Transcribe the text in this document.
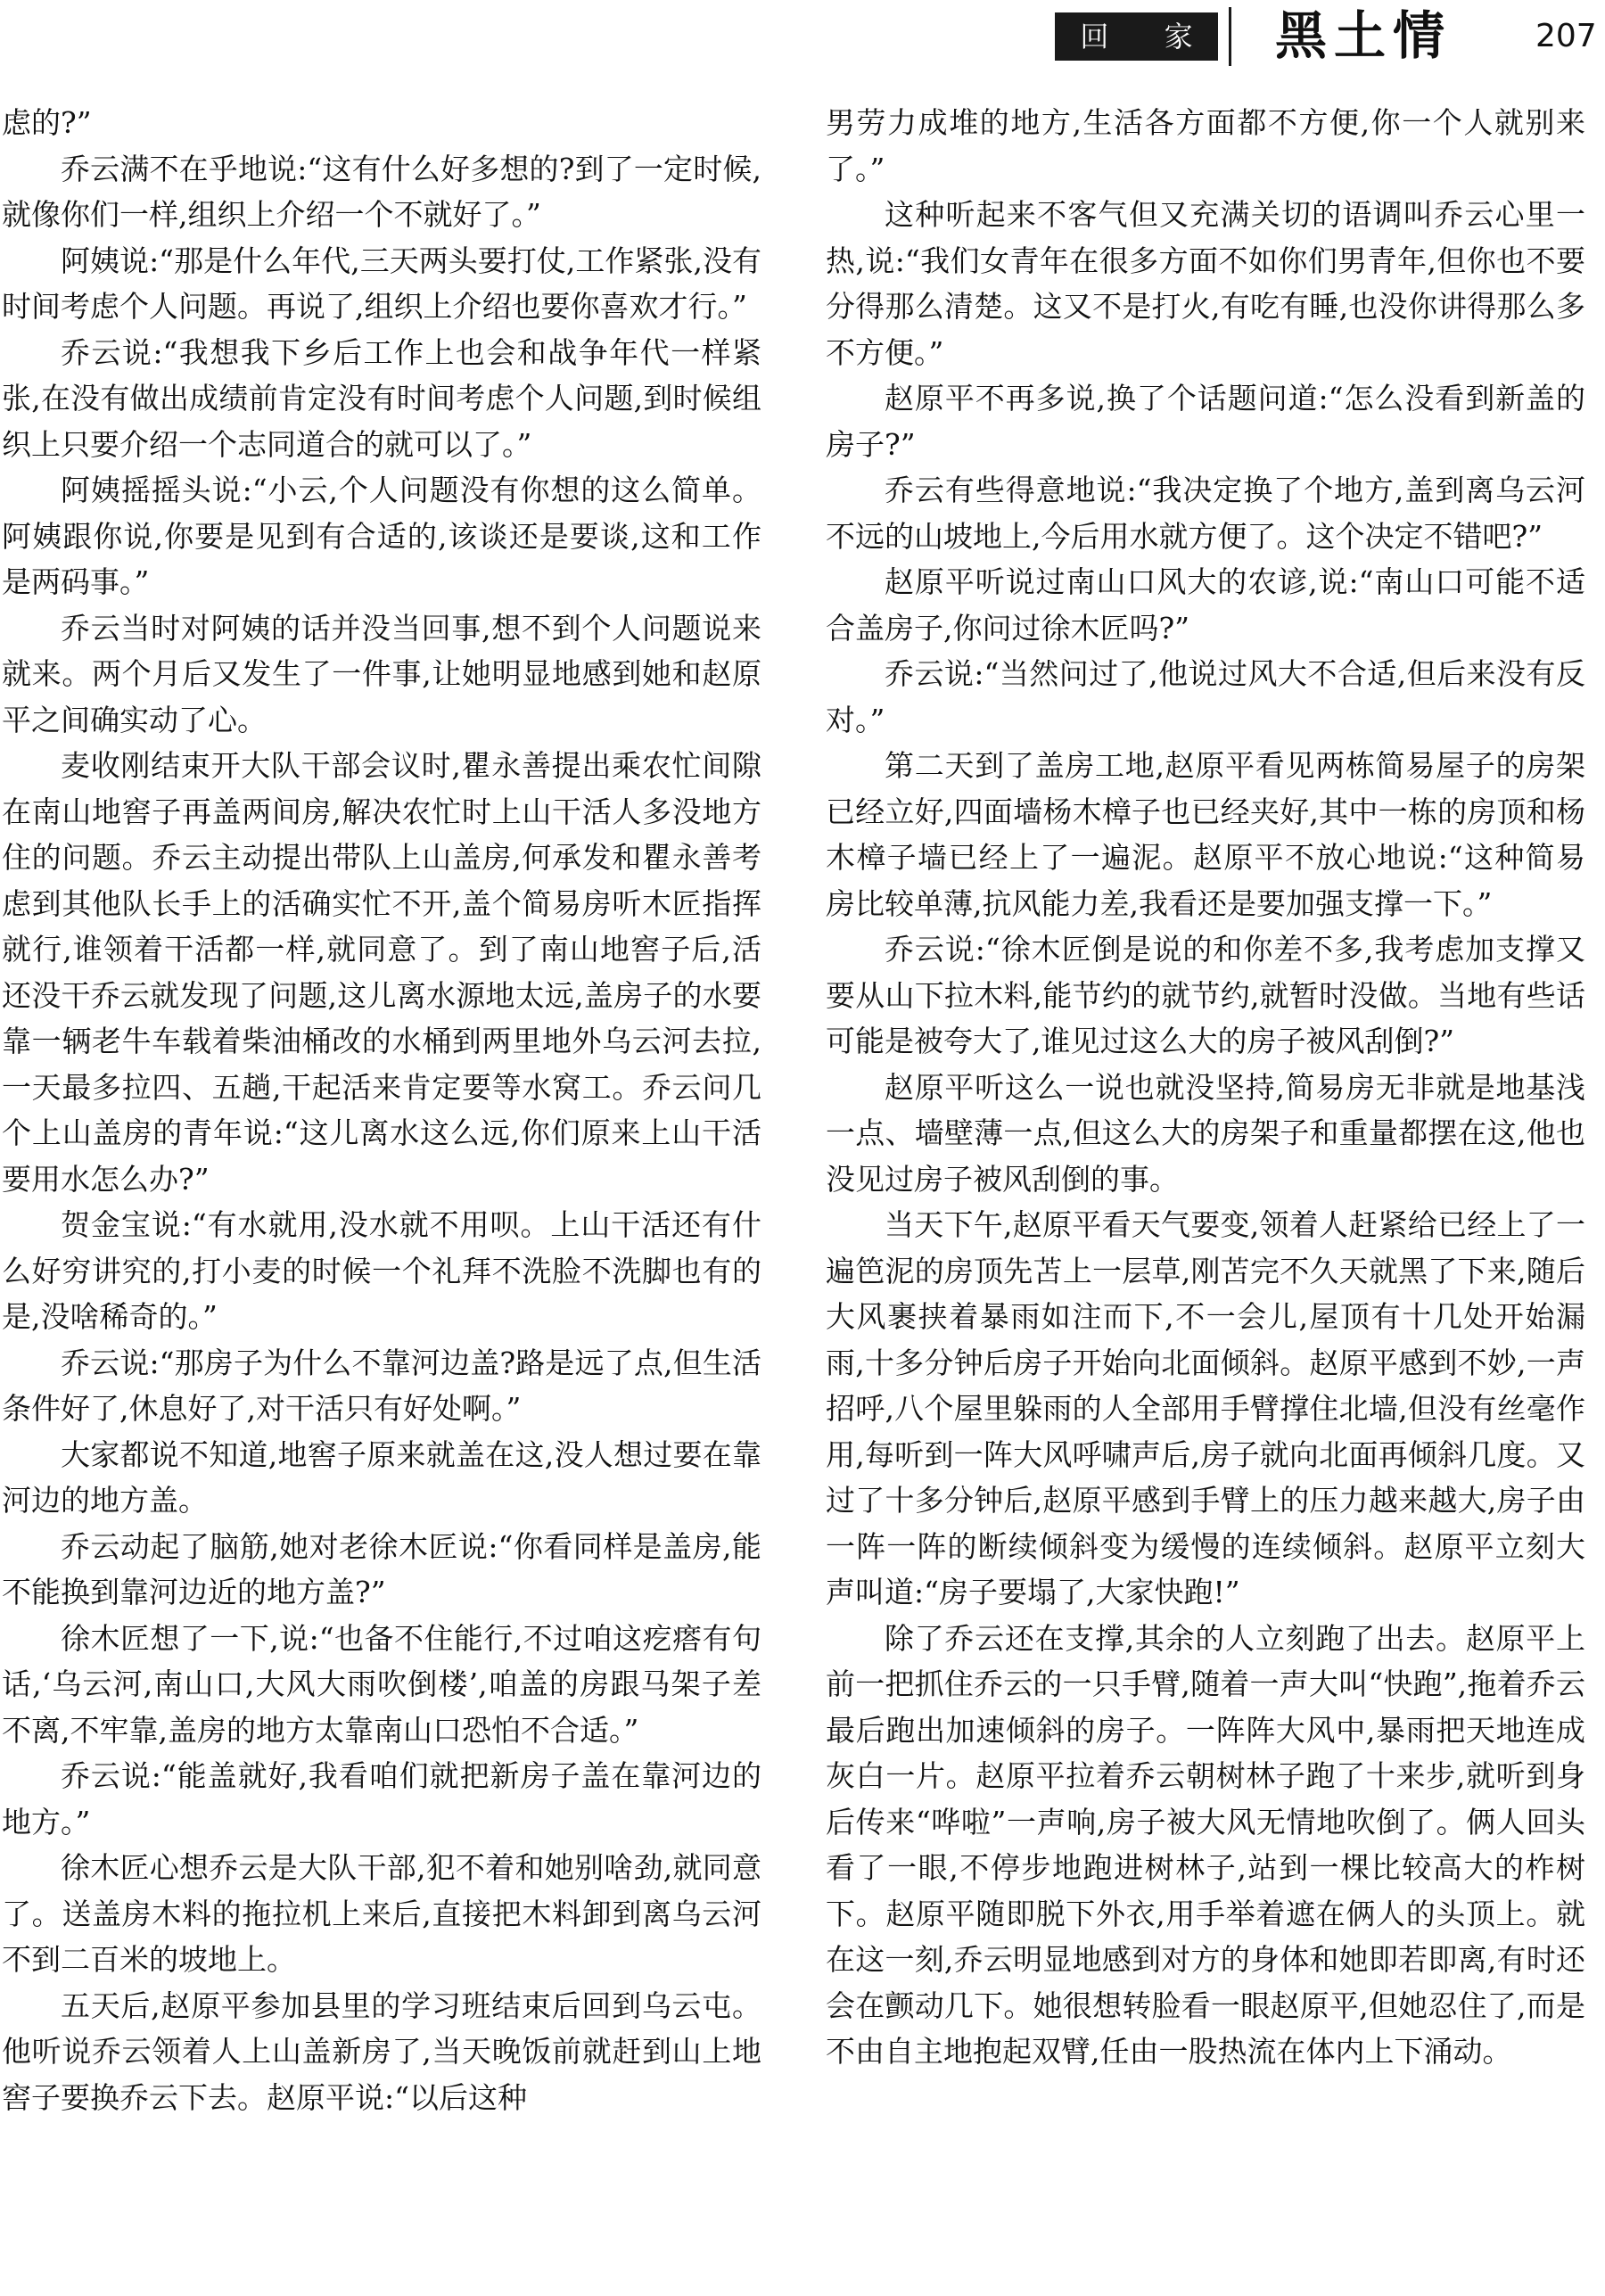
回 家 黑土情	207

虑的?”

乔云满不在乎地说:“这有什么好多想的?到了一定时候,就像你们一样,组织上介绍一个不就好了。”

阿姨说:“那是什么年代,三天两头要打仗,工作紧张,没有时间考虑个人问题。再说了,组织上介绍也要你喜欢才行。”

乔云说:“我想我下乡后工作上也会和战争年代一样紧张,在没有做出成绩前肯定没有时间考虑个人问题,到时候组织上只要介绍一个志同道合的就可以了。”

阿姨摇摇头说:“小云,个人问题没有你想的这么简单。阿姨跟你说,你要是见到有合适的,该谈还是要谈,这和工作是两码事。”

乔云当时对阿姨的话并没当回事,想不到个人问题说来就来。两个月后又发生了一件事,让她明显地感到她和赵原平之间确实动了心。

麦收刚结束开大队干部会议时,瞿永善提出乘农忙间隙在南山地窖子再盖两间房,解决农忙时上山干活人多没地方住的问题。乔云主动提出带队上山盖房,何承发和瞿永善考虑到其他队长手上的活确实忙不开,盖个简易房听木匠指挥就行,谁领着干活都一样,就同意了。到了南山地窖子后,活还没干乔云就发现了问题,这儿离水源地太远,盖房子的水要靠一辆老牛车载着柴油桶改的水桶到两里地外乌云河去拉,一天最多拉四、五趟,干起活来肯定要等水窝工。乔云问几个上山盖房的青年说:“这儿离水这么远,你们原来上山干活要用水怎么办?”

贺金宝说:“有水就用,没水就不用呗。上山干活还有什么好穷讲究的,打小麦的时候一个礼拜不洗脸不洗脚也有的是,没啥稀奇的。”

乔云说:“那房子为什么不靠河边盖?路是远了点,但生活条件好了,休息好了,对干活只有好处啊。”

大家都说不知道,地窖子原来就盖在这,没人想过要在靠河边的地方盖。

乔云动起了脑筋,她对老徐木匠说:“你看同样是盖房,能不能换到靠河边近的地方盖?”

徐木匠想了一下,说:“也备不住能行,不过咱这疙瘩有句话,‘乌云河,南山口,大风大雨吹倒楼’,咱盖的房跟马架子差不离,不牢靠,盖房的地方太靠南山口恐怕不合适。”

乔云说:“能盖就好,我看咱们就把新房子盖在靠河边的地方。”

徐木匠心想乔云是大队干部,犯不着和她别啥劲,就同意了。送盖房木料的拖拉机上来后,直接把木料卸到离乌云河不到二百米的坡地上。

五天后,赵原平参加县里的学习班结束后回到乌云屯。他听说乔云领着人上山盖新房了,当天晚饭前就赶到山上地窖子要换乔云下去。赵原平说:“以后这种

男劳力成堆的地方,生活各方面都不方便,你一个人就别来了。”

这种听起来不客气但又充满关切的语调叫乔云心里一热,说:“我们女青年在很多方面不如你们男青年,但你也不要分得那么清楚。这又不是打火,有吃有睡,也没你讲得那么多不方便。”

赵原平不再多说,换了个话题问道:“怎么没看到新盖的房子?”

乔云有些得意地说:“我决定换了个地方,盖到离乌云河不远的山坡地上,今后用水就方便了。这个决定不错吧?”

赵原平听说过南山口风大的农谚,说:“南山口可能不适合盖房子,你问过徐木匠吗?”

乔云说:“当然问过了,他说过风大不合适,但后来没有反对。”

第二天到了盖房工地,赵原平看见两栋简易屋子的房架已经立好,四面墙杨木樟子也已经夹好,其中一栋的房顶和杨木樟子墙已经上了一遍泥。赵原平不放心地说:“这种简易房比较单薄,抗风能力差,我看还是要加强支撑一下。”

乔云说:“徐木匠倒是说的和你差不多,我考虑加支撑又要从山下拉木料,能节约的就节约,就暂时没做。当地有些话可能是被夸大了,谁见过这么大的房子被风刮倒?”

赵原平听这么一说也就没坚持,简易房无非就是地基浅一点、墙壁薄一点,但这么大的房架子和重量都摆在这,他也没见过房子被风刮倒的事。

当天下午,赵原平看天气要变,领着人赶紧给已经上了一遍笆泥的房顶先苫上一层草,刚苫完不久天就黑了下来,随后大风裹挟着暴雨如注而下,不一会儿,屋顶有十几处开始漏雨,十多分钟后房子开始向北面倾斜。赵原平感到不妙,一声招呼,八个屋里躲雨的人全部用手臂撑住北墙,但没有丝毫作用,每听到一阵大风呼啸声后,房子就向北面再倾斜几度。又过了十多分钟后,赵原平感到手臂上的压力越来越大,房子由一阵一阵的断续倾斜变为缓慢的连续倾斜。赵原平立刻大声叫道:“房子要塌了,大家快跑!”

除了乔云还在支撑,其余的人立刻跑了出去。赵原平上前一把抓住乔云的一只手臂,随着一声大叫“快跑”,拖着乔云最后跑出加速倾斜的房子。一阵阵大风中,暴雨把天地连成灰白一片。赵原平拉着乔云朝树林子跑了十来步,就听到身后传来“哗啦”一声响,房子被大风无情地吹倒了。俩人回头看了一眼,不停步地跑进树林子,站到一棵比较高大的柞树下。赵原平随即脱下外衣,用手举着遮在俩人的头顶上。就在这一刻,乔云明显地感到对方的身体和她即若即离,有时还会在颤动几下。她很想转脸看一眼赵原平,但她忍住了,而是不由自主地抱起双臂,任由一股热流在体内上下涌动。
